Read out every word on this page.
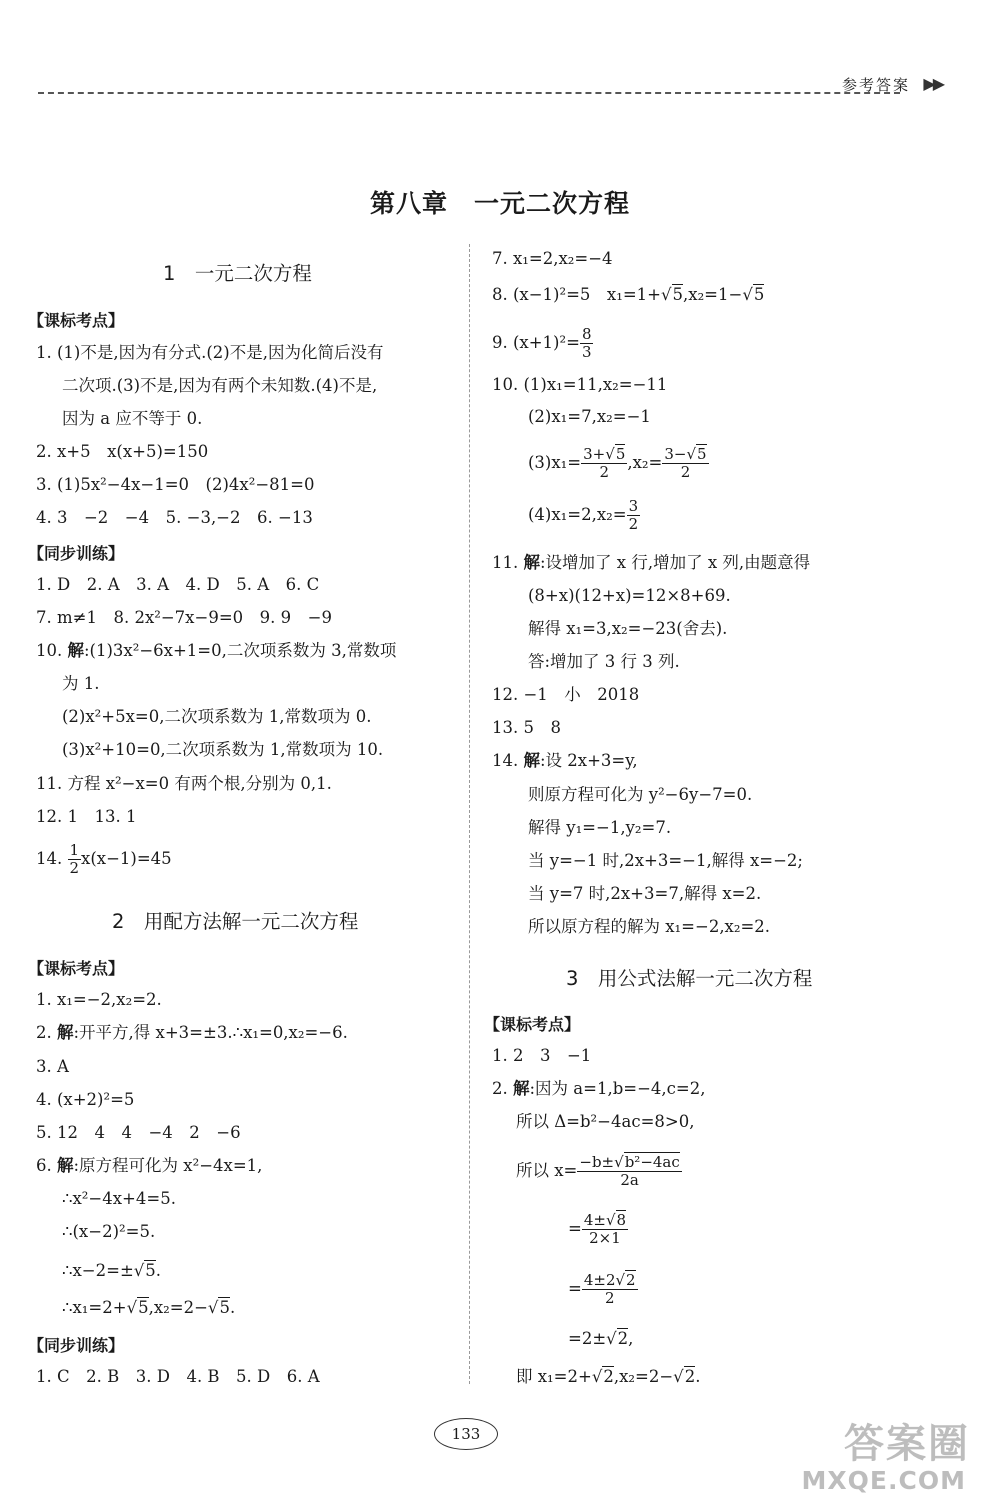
参考答案 ▶▶
第八章　一元二次方程
1　一元二次方程
【课标考点】
1. (1)不是,因为有分式.(2)不是,因为化简后没有
二次项.(3)不是,因为有两个未知数.(4)不是,
因为 a 应不等于 0.
2. x+5　x(x+5)=150
3. (1)5x²−4x−1=0　(2)4x²−81=0
4. 3　−2　−4　5. −3,−2　6. −13
【同步训练】
1. D　2. A　3. A　4. D　5. A　6. C
7. m≠1　8. 2x²−7x−9=0　9. 9　−9
10. 解:(1)3x²−6x+1=0,二次项系数为 3,常数项
为 1.
(2)x²+5x=0,二次项系数为 1,常数项为 0.
(3)x²+10=0,二次项系数为 1,常数项为 10.
11. 方程 x²−x=0 有两个根,分别为 0,1.
12. 1　13. 1
14. $\frac{1}{2} x(x-1)=45$
2　用配方法解一元二次方程
【课标考点】
1. x₁=−2,x₂=2.
2. 解:开平方,得 x+3=±3.∴x₁=0,x₂=−6.
3. A
4. (x+2)²=5
5. 12　4　4　−4　2　−6
6. 解:原方程可化为 x²−4x=1,
∴x²−4x+4=5.
∴(x−2)²=5.
∴x−2=±√5.
∴x₁=2+√5,x₂=2−√5.
【同步训练】
1. C　2. B　3. D　4. B　5. D　6. A
7. x₁=2,x₂=−4
8. (x−1)²=5　x₁=1+√5,x₂=1−√5
9. $(x+1)^2= \frac{8}{3}$
10. (1)x₁=11,x₂=−11
(2)x₁=7,x₂=−1
$(3)x_1= \frac{3+√5}{2} ,x_2= \frac{3-√5}{2}$
$(4)x_1=2,x_2= \frac{3}{2}$
11. 解:设增加了 x 行,增加了 x 列,由题意得
(8+x)(12+x)=12×8+69.
解得 x₁=3,x₂=−23(舍去).
答:增加了 3 行 3 列.
12. −1　小　2018
13. 5　8
14. 解:设 2x+3=y,
则原方程可化为 y²−6y−7=0.
解得 y₁=−1,y₂=7.
当 y=−1 时,2x+3=−1,解得 x=−2;
当 y=7 时,2x+3=7,解得 x=2.
所以原方程的解为 x₁=−2,x₂=2.
3　用公式法解一元二次方程
【课标考点】
1. 2　3　−1
2. 解:因为 a=1,b=−4,c=2,
所以 Δ=b²−4ac=8>0,
所以 $x= \frac{\text{−b±√b²−4ac}}{2a}$
= $\frac{4\pm√8}{2\times 1}$
= $\frac{4\pm 2√2}{2}$
=2±√2,
即 x₁=2+√2,x₂=2−√2.
133	答案圈
MXQE.COM
